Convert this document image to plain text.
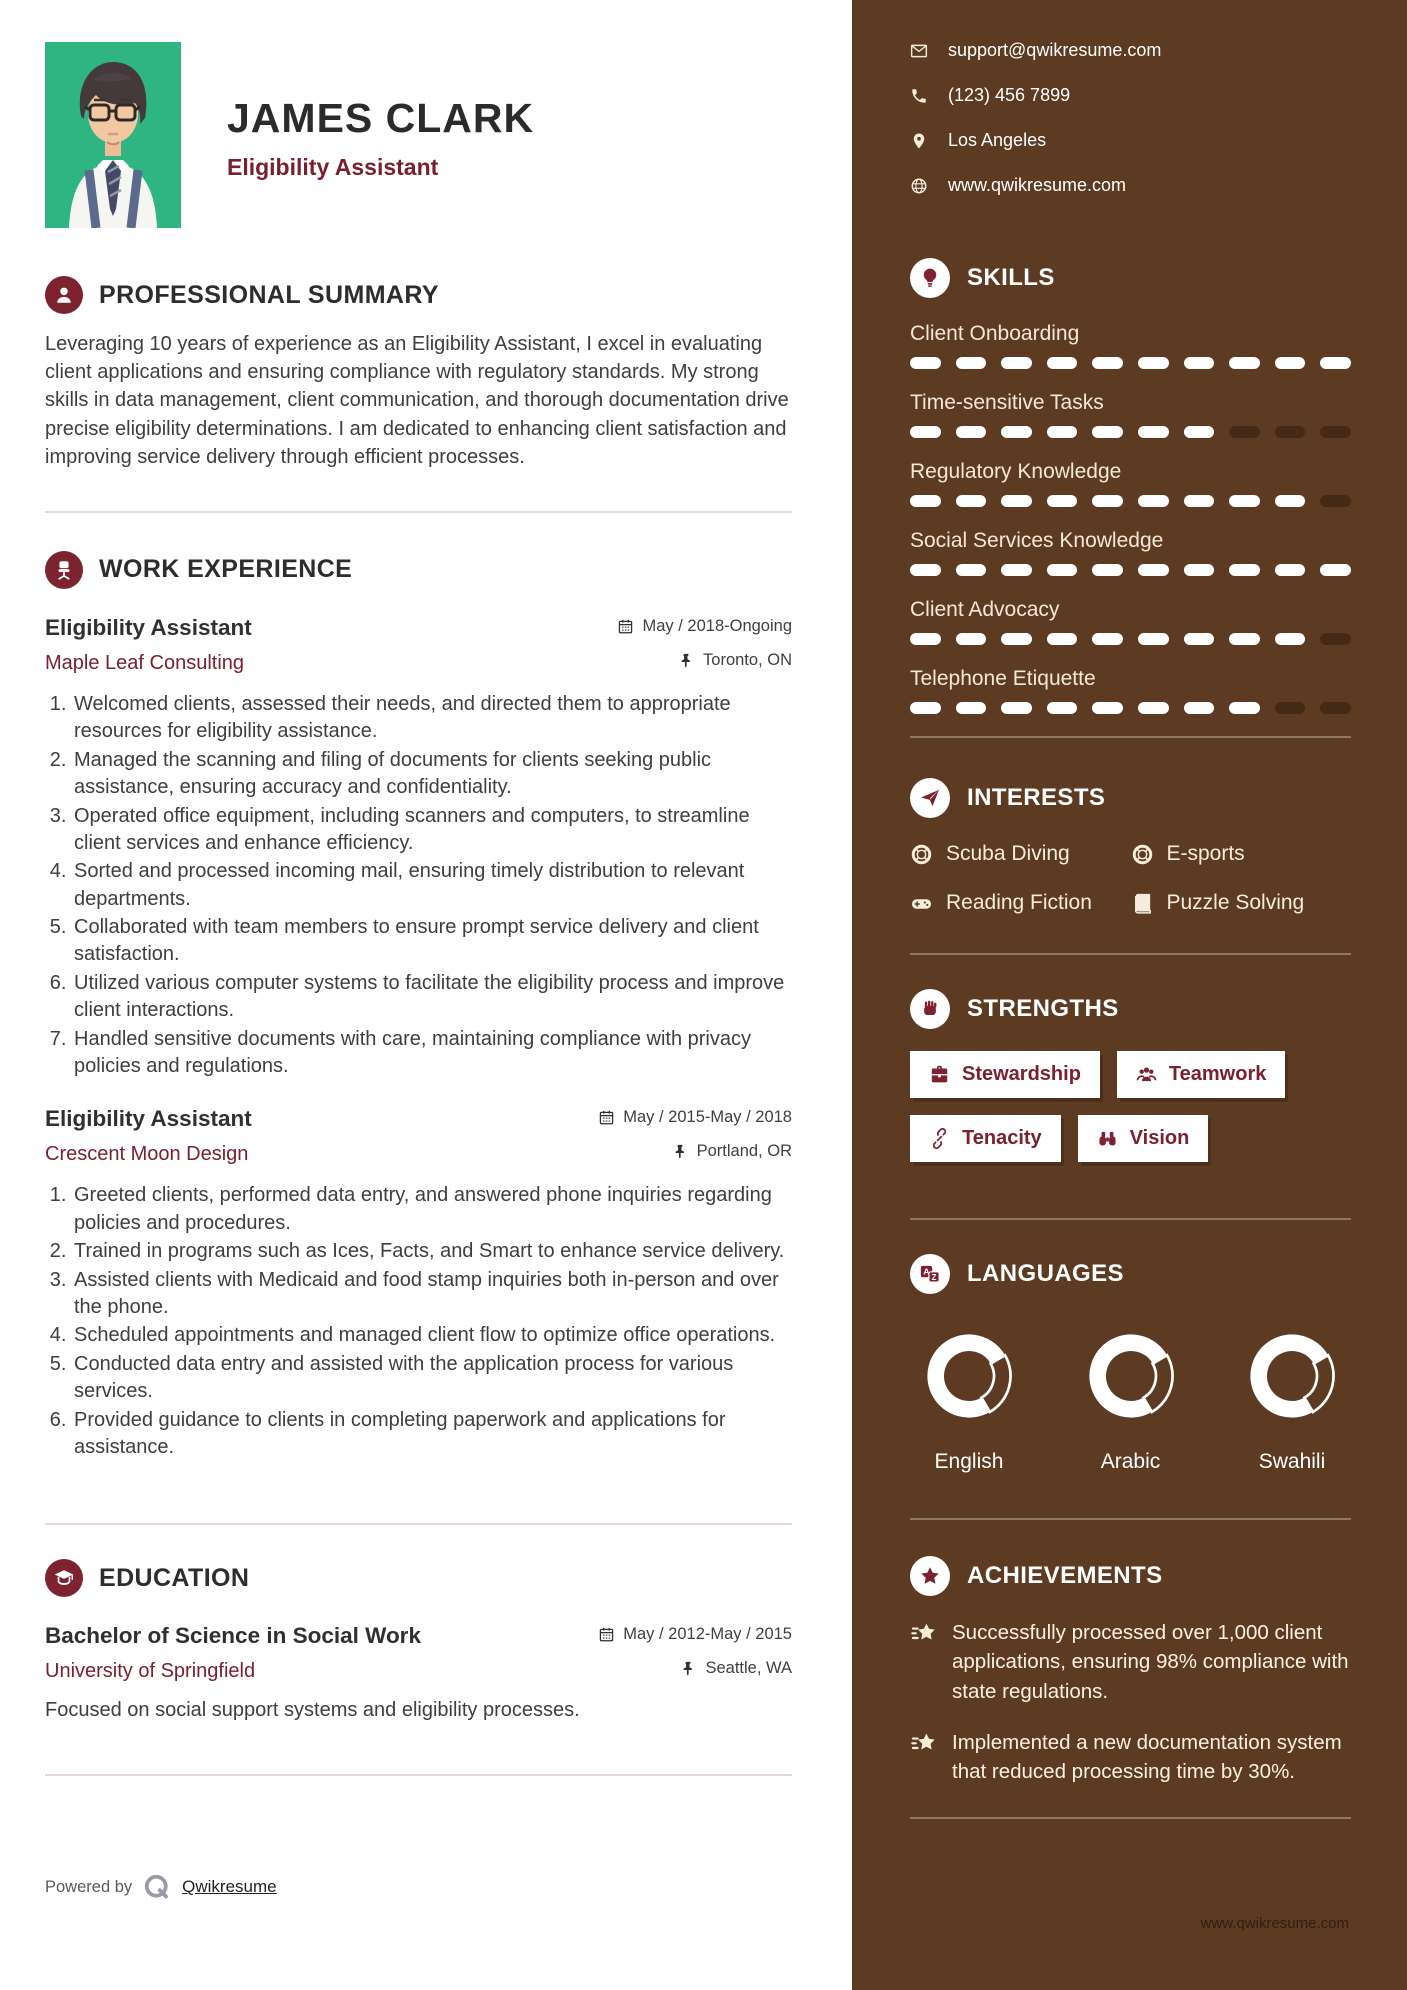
JAMES CLARK
Eligibility Assistant
PROFESSIONAL SUMMARY
Leveraging 10 years of experience as an Eligibility Assistant, I excel in evaluating client applications and ensuring compliance with regulatory standards. My strong skills in data management, client communication, and thorough documentation drive precise eligibility determinations. I am dedicated to enhancing client satisfaction and improving service delivery through efficient processes.
WORK EXPERIENCE
Eligibility Assistant	May / 2018-Ongoing
Maple Leaf Consulting	Toronto, ON
1. Welcomed clients, assessed their needs, and directed them to appropriate resources for eligibility assistance.
2. Managed the scanning and filing of documents for clients seeking public assistance, ensuring accuracy and confidentiality.
3. Operated office equipment, including scanners and computers, to streamline client services and enhance efficiency.
4. Sorted and processed incoming mail, ensuring timely distribution to relevant departments.
5. Collaborated with team members to ensure prompt service delivery and client satisfaction.
6. Utilized various computer systems to facilitate the eligibility process and improve client interactions.
7. Handled sensitive documents with care, maintaining compliance with privacy policies and regulations.
Eligibility Assistant	May / 2015-May / 2018
Crescent Moon Design	Portland, OR
1. Greeted clients, performed data entry, and answered phone inquiries regarding policies and procedures.
2. Trained in programs such as Ices, Facts, and Smart to enhance service delivery.
3. Assisted clients with Medicaid and food stamp inquiries both in-person and over the phone.
4. Scheduled appointments and managed client flow to optimize office operations.
5. Conducted data entry and assisted with the application process for various services.
6. Provided guidance to clients in completing paperwork and applications for assistance.
EDUCATION
Bachelor of Science in Social Work	May / 2012-May / 2015
University of Springfield	Seattle, WA
Focused on social support systems and eligibility processes.
Powered by	Qwikresume
support@qwikresume.com
(123) 456 7899
Los Angeles
www.qwikresume.com
SKILLS
Client Onboarding
Time-sensitive Tasks
Regulatory Knowledge
Social Services Knowledge
Client Advocacy
Telephone Etiquette
INTERESTS
Scuba Diving	E-sports
Reading Fiction	Puzzle Solving
STRENGTHS
Stewardship	Teamwork
Tenacity	Vision
LANGUAGES
English	Arabic	Swahili
ACHIEVEMENTS
Successfully processed over 1,000 client applications, ensuring 98% compliance with state regulations.
Implemented a new documentation system that reduced processing time by 30%.
www.qwikresume.com
